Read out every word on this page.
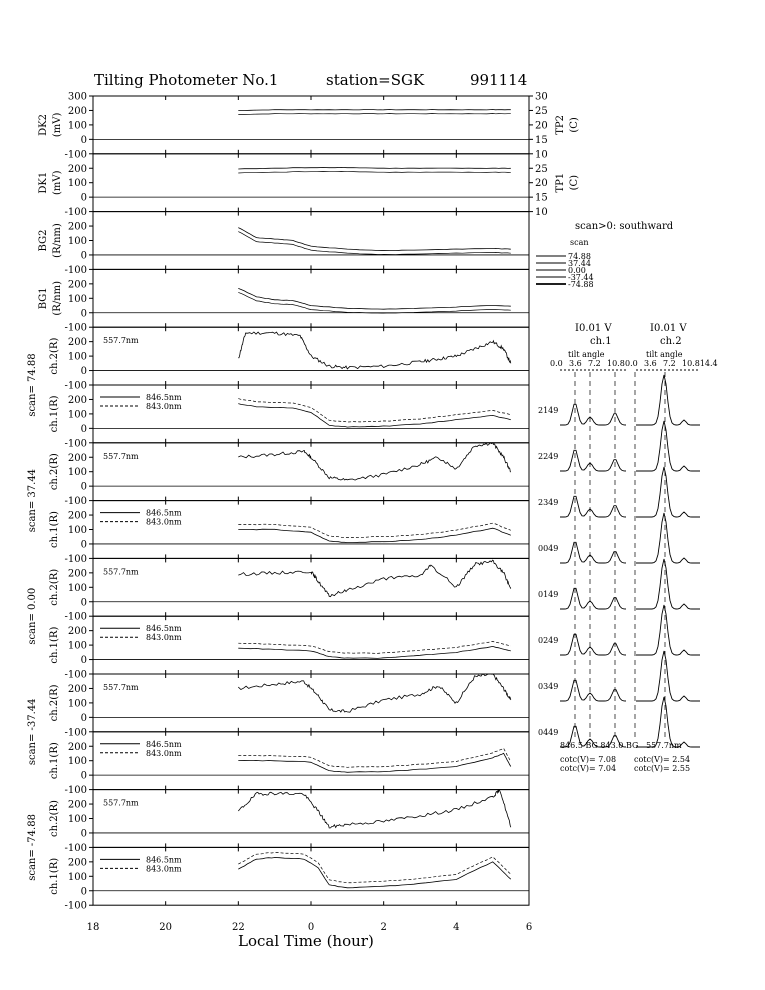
Tilting Photometer No.1	station=SGK	991114
300
200
100
0
-100
DK2 (mV)
200
100
0
-100
DK1 (mV)
200
100
0
-100
BG2 (R/nm)
200
100
0
-100
BG1 (R/nm)
200
100
0
-100
ch.2(R)
200
100
0
-100
ch.1(R)
200
100
0
-100
ch.2(R)
200
100
0
-100
ch.1(R)
200
100
0
-100
ch.2(R)
200
100
0
-100
ch.1(R)
200
100
0
-100
ch.2(R)
200
100
0
-100
ch.1(R)
200
100
0
-100
ch.2(R)
200
100
0
-100
ch.1(R)
scan= 74.88
scan= 37.44
scan= 0.00
scan= -37.44
scan= -74.88
30
25
20
15
TP2 (C)
10
25
20
15
10
TP1 (C)
557.7nm
846.5nm
843.0nm
557.7nm
846.5nm
843.0nm
557.7nm
846.5nm
843.0nm
557.7nm
846.5nm
843.0nm
557.7nm
846.5nm
843.0nm
18	20	22	0	2	4	6
Local Time (hour)
scan>0: southward
scan
74.88
37.44
0.00
-37.44
-74.88
I0.01 V
ch.1
I0.01 V
ch.2
tilt angle	tilt angle
0.0 3.6 7.2 10.8 0.0 3.6 7.2 10.814.4
2149
2249
2349
0049
0149
0249
0349
0449
846.5 BG 843.0 BG 557.7nm
cotc(V)= 7.08
cotc(V)= 7.04
cotc(V)= 2.54
cotc(V)= 2.55
